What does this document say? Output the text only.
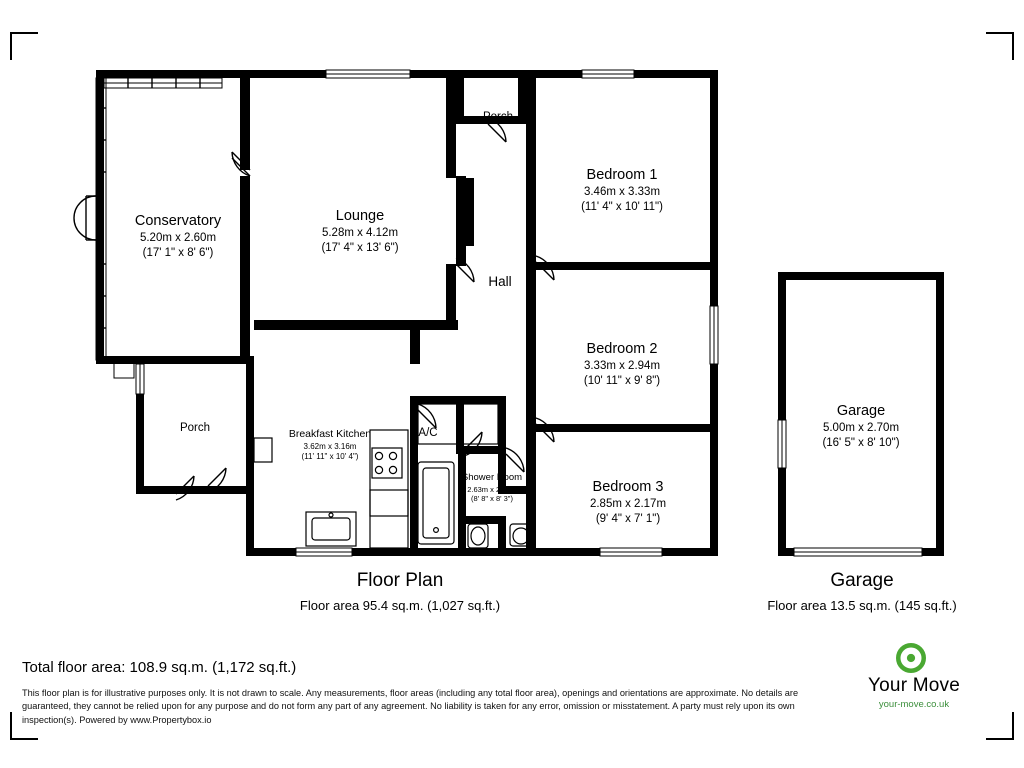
Conservatory
5.20m x 2.60m
(17' 1" x 8' 6")
Lounge
5.28m x 4.12m
(17' 4" x 13' 6")
Bedroom 1
3.46m x 3.33m
(11' 4" x 10' 11")
Bedroom 2
3.33m x 2.94m
(10' 11" x 9' 8")
Bedroom 3
2.85m x 2.17m
(9' 4" x 7' 1")
Breakfast Kitchen
3.62m x 3.16m
(11' 11" x 10' 4")
Shower Room
2.63m x 2.52m
(8' 8" x 8' 3")
Garage
5.00m x 2.70m
(16' 5" x 8' 10")
Porch
Porch
Hall
A/C
Floor Plan
Floor area 95.4 sq.m. (1,027 sq.ft.)
Garage
Floor area 13.5 sq.m. (145 sq.ft.)
Total floor area: 108.9 sq.m. (1,172 sq.ft.)
This floor plan is for illustrative purposes only. It is not drawn to scale. Any measurements, floor areas (including any total floor area), openings and orientations are approximate. No details are guaranteed, they cannot be relied upon for any purpose and do not form any part of any agreement. No liability is taken for any error, omission or misstatement. A party must rely upon its own inspection(s). Powered by www.Propertybox.io
Your Move
your-move.co.uk
